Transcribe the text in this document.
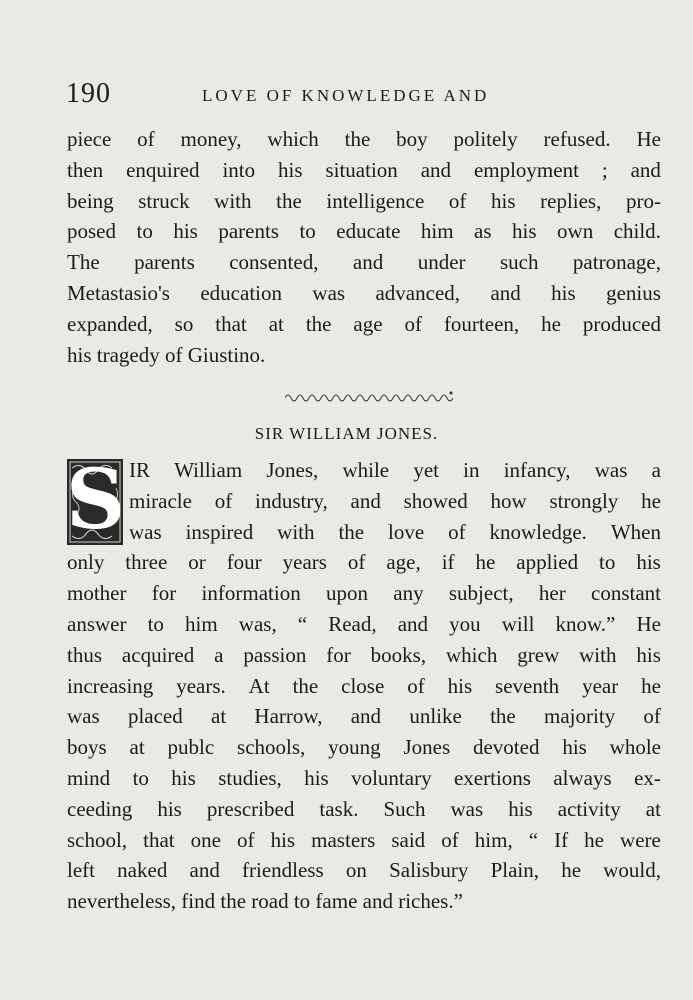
190	LOVE OF KNOWLEDGE AND
piece of money, which the boy politely refused. He
then enquired into his situation and employment ; and
being struck with the intelligence of his replies, pro-
posed to his parents to educate him as his own child.
The parents consented, and under such patronage,
Metastasio's education was advanced, and his genius
expanded, so that at the age of fourteen, he produced
his tragedy of Giustino.
SIR WILLIAM JONES.
S IR William Jones, while yet in infancy, was a
miracle of industry, and showed how strongly he
was inspired with the love of knowledge. When
only three or four years of age, if he applied to his
mother for information upon any subject, her constant
answer to him was, “ Read, and you will know.” He
thus acquired a passion for books, which grew with his
increasing years. At the close of his seventh year he
was placed at Harrow, and unlike the majority of
boys at publc schools, young Jones devoted his whole
mind to his studies, his voluntary exertions always ex-
ceeding his prescribed task. Such was his activity at
school, that one of his masters said of him, “ If he were
left naked and friendless on Salisbury Plain, he would,
nevertheless, find the road to fame and riches.”
